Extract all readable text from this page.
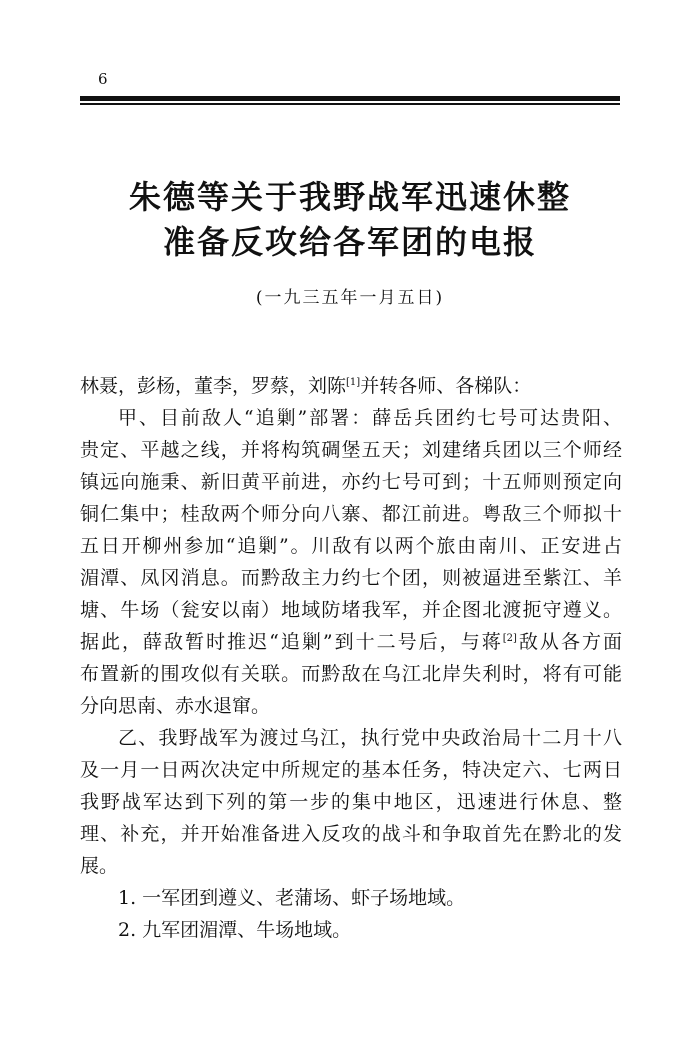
6
朱德等关于我野战军迅速休整
准备反攻给各军团的电报
(一九三五年一月五日)
林聂，彭杨，董李，罗蔡，刘陈[1]并转各师、各梯队：
甲、目前敌人“追剿”部署：薛岳兵团约七号可达贵阳、
贵定、平越之线，并将构筑碉堡五天；刘建绪兵团以三个师经
镇远向施秉、新旧黄平前进，亦约七号可到；十五师则预定向
铜仁集中；桂敌两个师分向八寨、都江前进。粤敌三个师拟十
五日开柳州参加“追剿”。川敌有以两个旅由南川、正安进占
湄潭、凤冈消息。而黔敌主力约七个团，则被逼进至紫江、羊
塘、牛场（瓮安以南）地域防堵我军，并企图北渡扼守遵义。
据此，薛敌暂时推迟“追剿”到十二号后，与蒋[2]敌从各方面
布置新的围攻似有关联。而黔敌在乌江北岸失利时，将有可能
分向思南、赤水退窜。
乙、我野战军为渡过乌江，执行党中央政治局十二月十八
及一月一日两次决定中所规定的基本任务，特决定六、七两日
我野战军达到下列的第一步的集中地区，迅速进行休息、整
理、补充，并开始准备进入反攻的战斗和争取首先在黔北的发
展。
1. 一军团到遵义、老蒲场、虾子场地域。
2. 九军团湄潭、牛场地域。
